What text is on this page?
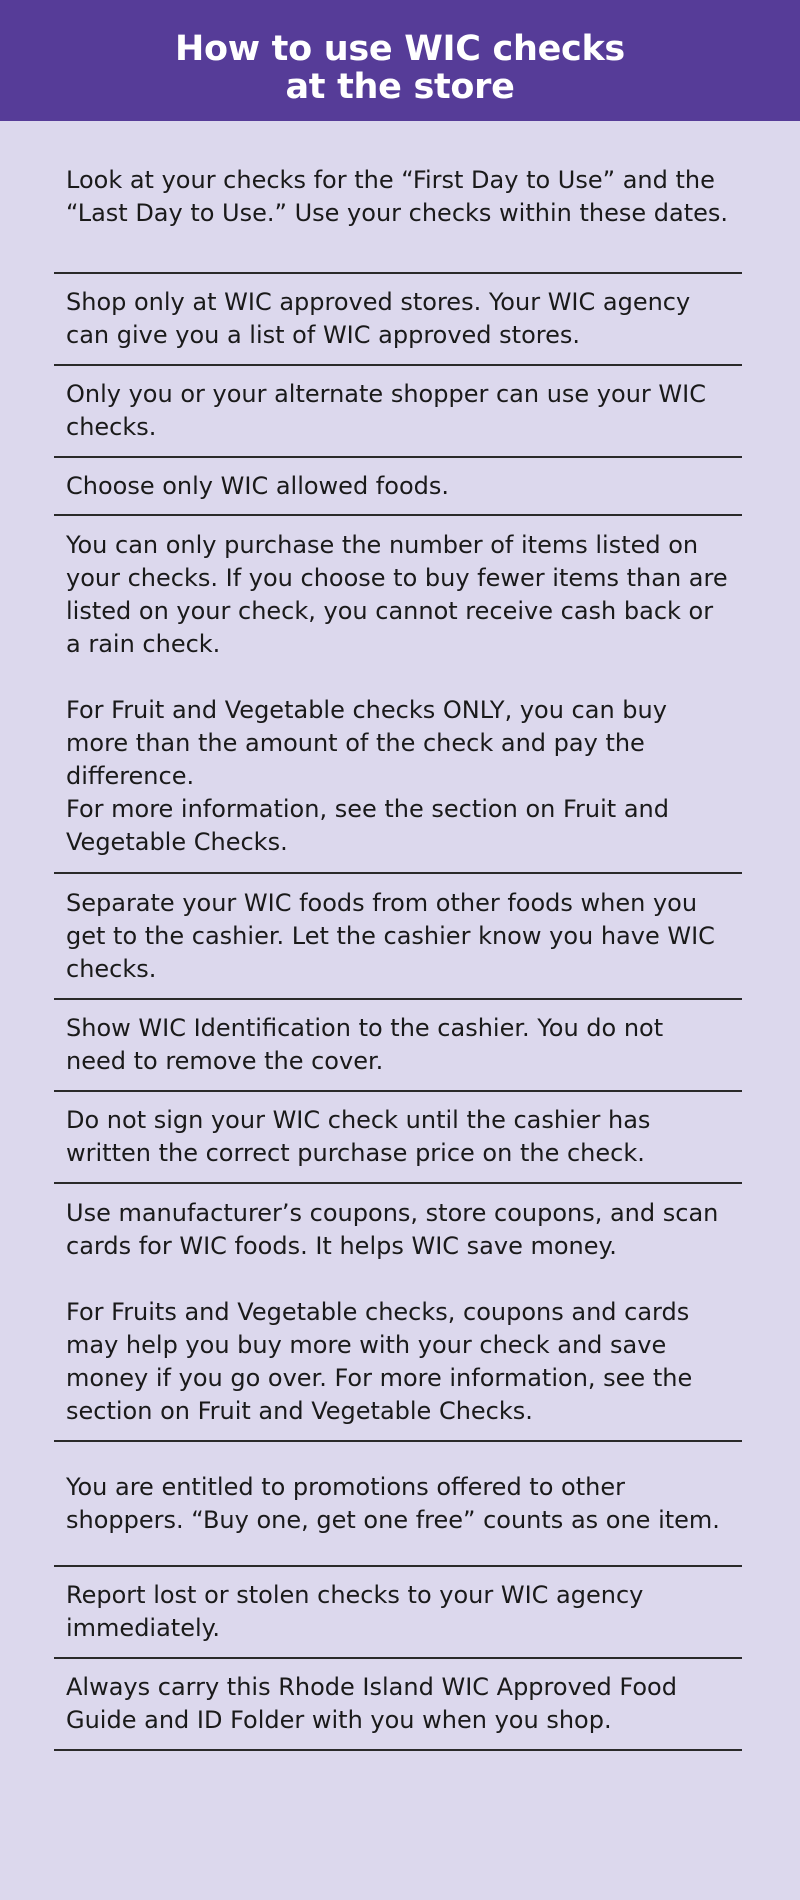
How to use WIC checks
at the store

Look at your checks for the “First Day to Use” and the “Last Day to Use.” Use your checks within these dates.

Shop only at WIC approved stores. Your WIC agency can give you a list of WIC approved stores.

Only you or your alternate shopper can use your WIC checks.

Choose only WIC allowed foods.

You can only purchase the number of items listed on your checks. If you choose to buy fewer items than are listed on your check, you cannot receive cash back or a rain check.

For Fruit and Vegetable checks ONLY, you can buy more than the amount of the check and pay the difference.

For more information, see the section on Fruit and Vegetable Checks.

Separate your WIC foods from other foods when you get to the cashier. Let the cashier know you have WIC checks.

Show WIC Identification to the cashier. You do not need to remove the cover.

Do not sign your WIC check until the cashier has written the correct purchase price on the check.

Use manufacturer’s coupons, store coupons, and scan cards for WIC foods. It helps WIC save money.

For Fruits and Vegetable checks, coupons and cards may help you buy more with your check and save money if you go over. For more information, see the section on Fruit and Vegetable Checks.

You are entitled to promotions offered to other shoppers. “Buy one, get one free” counts as one item.

Report lost or stolen checks to your WIC agency immediately.

Always carry this Rhode Island WIC Approved Food Guide and ID Folder with you when you shop.
